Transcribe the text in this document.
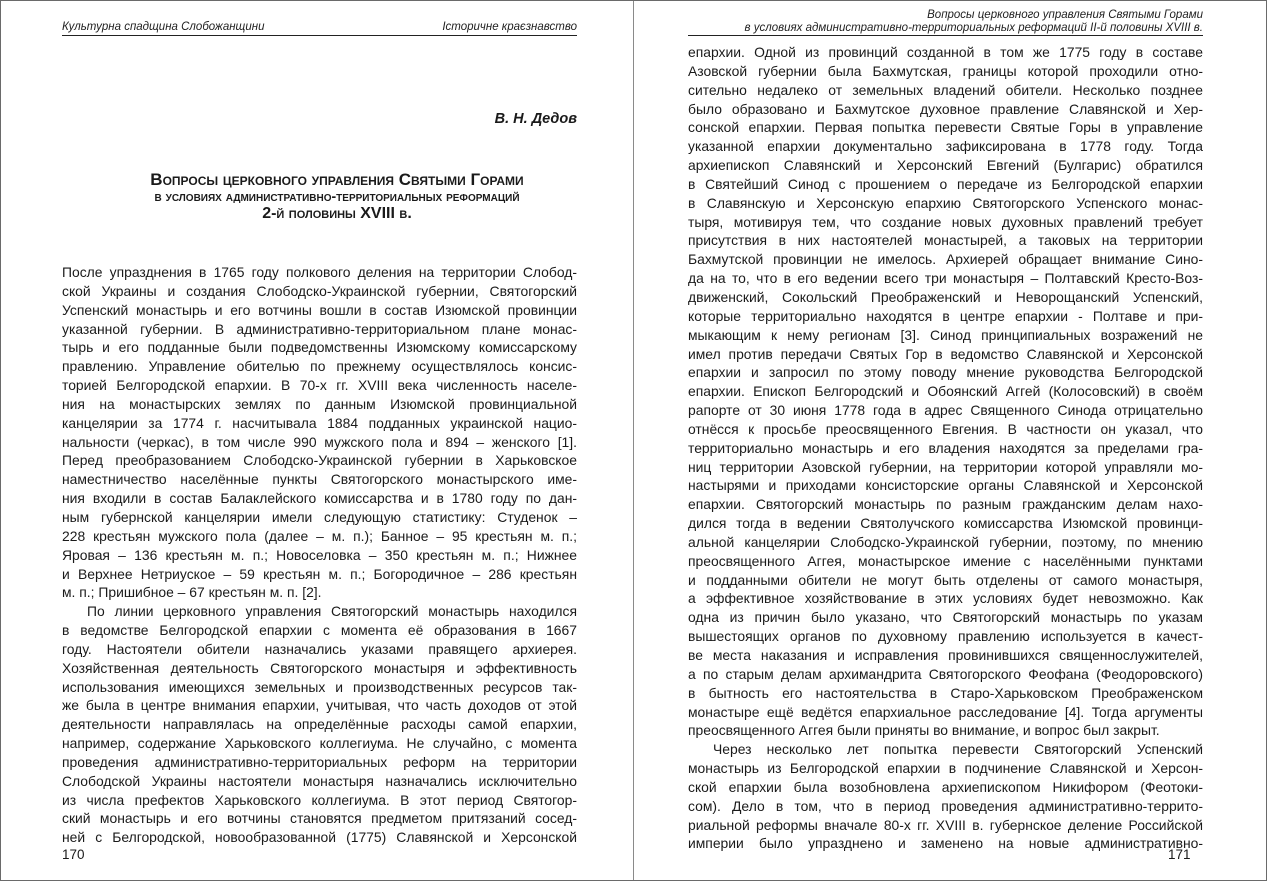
Культурна спадщина Слобожанщини	Історичне краєзнавство
В. Н. Дедов
Вопросы церковного управления Святыми Горами
в условиях административно-территориальных реформаций
2-й половины XVIII в.
После упразднения в 1765 году полкового деления на территории Слобод-
ской Украины и создания Слободско-Украинской губернии, Святогорский
Успенский монастырь и его вотчины вошли в состав Изюмской провинции
указанной губернии. В административно-территориальном плане монас-
тырь и его подданные были подведомственны Изюмскому комиссарскому
правлению. Управление обителью по прежнему осуществлялось консис-
торией Белгородской епархии. В 70-х гг. XVIII века численность населе-
ния на монастырских землях по данным Изюмской провинциальной
канцелярии за 1774 г. насчитывала 1884 подданных украинской нацио-
нальности (черкас), в том числе 990 мужского пола и 894 – женского [1].
Перед преобразованием Слободско-Украинской губернии в Харьковское
наместничество населённые пункты Святогорского монастырского име-
ния входили в состав Балаклейского комиссарства и в 1780 году по дан-
ным губернской канцелярии имели следующую статистику: Студенок –
228 крестьян мужского пола (далее – м. п.); Банное – 95 крестьян м. п.;
Яровая – 136 крестьян м. п.; Новоселовка – 350 крестьян м. п.; Нижнее
и Верхнее Нетриуское – 59 крестьян м. п.; Богородичное – 286 крестьян
м. п.; Пришибное – 67 крестьян м. п. [2].
По линии церковного управления Святогорский монастырь находился
в ведомстве Белгородской епархии с момента её образования в 1667
году. Настоятели обители назначались указами правящего архиерея.
Хозяйственная деятельность Святогорского монастыря и эффективность
использования имеющихся земельных и производственных ресурсов так-
же была в центре внимания епархии, учитывая, что часть доходов от этой
деятельности направлялась на определённые расходы самой епархии,
например, содержание Харьковского коллегиума. Не случайно, с момента
проведения административно-территориальных реформ на территории
Слободской Украины настоятели монастыря назначались исключительно
из числа префектов Харьковского коллегиума. В этот период Святогор-
ский монастырь и его вотчины становятся предметом притязаний сосед-
ней с Белгородской, новообразованной (1775) Славянской и Херсонской
170
Вопросы церковного управления Святыми Горами
в условиях административно-территориальных реформаций II-й половины XVIII в.
епархии. Одной из провинций созданной в том же 1775 году в составе
Азовской губернии была Бахмутская, границы которой проходили отно-
сительно недалеко от земельных владений обители. Несколько позднее
было образовано и Бахмутское духовное правление Славянской и Хер-
сонской епархии. Первая попытка перевести Святые Горы в управление
указанной епархии документально зафиксирована в 1778 году. Тогда
архиепископ Славянский и Херсонский Евгений (Булгарис) обратился
в Святейший Синод с прошением о передаче из Белгородской епархии
в Славянскую и Херсонскую епархию Святогорского Успенского монас-
тыря, мотивируя тем, что создание новых духовных правлений требует
присутствия в них настоятелей монастырей, а таковых на территории
Бахмутской провинции не имелось. Архиерей обращает внимание Сино-
да на то, что в его ведении всего три монастыря – Полтавский Кресто-Воз-
движенский, Сокольский Преображенский и Неворощанский Успенский,
которые территориально находятся в центре епархии - Полтаве и при-
мыкающим к нему регионам [3]. Синод принципиальных возражений не
имел против передачи Святых Гор в ведомство Славянской и Херсонской
епархии и запросил по этому поводу мнение руководства Белгородской
епархии. Епископ Белгородский и Обоянский Аггей (Колосовский) в своём
рапорте от 30 июня 1778 года в адрес Священного Синода отрицательно
отнёсся к просьбе преосвященного Евгения. В частности он указал, что
территориально монастырь и его владения находятся за пределами гра-
ниц территории Азовской губернии, на территории которой управляли мо-
настырями и приходами консисторские органы Славянской и Херсонской
епархии. Святогорский монастырь по разным гражданским делам нахо-
дился тогда в ведении Святолучского комиссарства Изюмской провинци-
альной канцелярии Слободско-Украинской губернии, поэтому, по мнению
преосвященного Аггея, монастырское имение с населёнными пунктами
и подданными обители не могут быть отделены от самого монастыря,
а эффективное хозяйствование в этих условиях будет невозможно. Как
одна из причин было указано, что Святогорский монастырь по указам
вышестоящих органов по духовному правлению используется в качест-
ве места наказания и исправления провинившихся священнослужителей,
а по старым делам архимандрита Святогорского Феофана (Феодоровского)
в бытность его настоятельства в Старо-Харьковском Преображенском
монастыре ещё ведётся епархиальное расследование [4]. Тогда аргументы
преосвященного Аггея были приняты во внимание, и вопрос был закрыт.
Через несколько лет попытка перевести Святогорский Успенский
монастырь из Белгородской епархии в подчинение Славянской и Херсон-
ской епархии была возобновлена архиепископом Никифором (Феотоки-
сом). Дело в том, что в период проведения административно-террито-
риальной реформы вначале 80-х гг. XVIII в. губернское деление Российской
империи было упразднено и заменено на новые административно-
171
